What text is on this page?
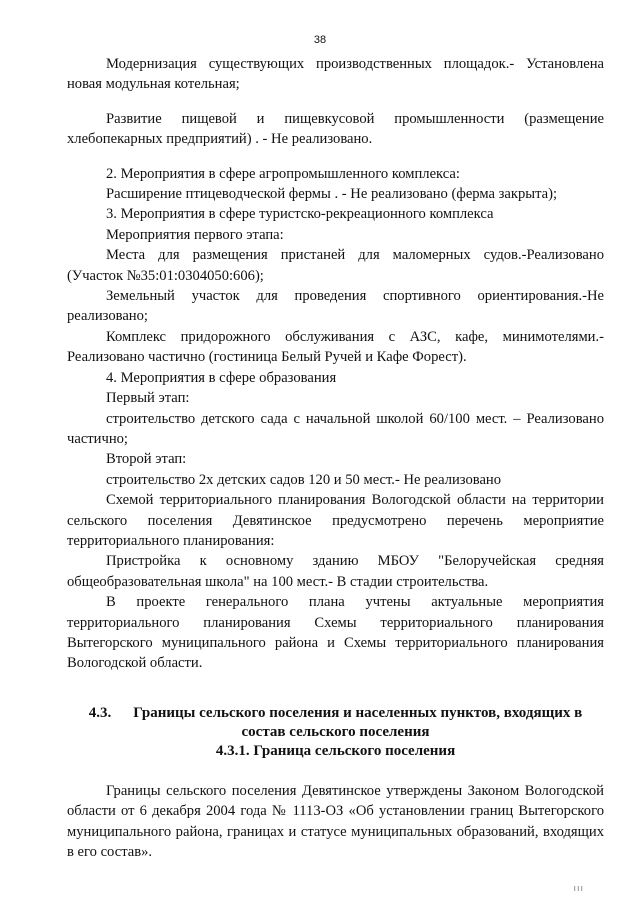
38

Модернизация существующих производственных площадок.- Установлена новая модульная котельная;

Развитие пищевой и пищевкусовой промышленности (размещение хлебопекарных предприятий) . - Не реализовано.

2. Мероприятия в сфере агропромышленного комплекса:

Расширение птицеводческой фермы . - Не реализовано (ферма закрыта);

3. Мероприятия в сфере туристско-рекреационного комплекса

Мероприятия первого этапа:

Места для размещения пристаней для маломерных судов.-Реализовано (Участок №35:01:0304050:606);

Земельный участок для проведения спортивного ориентирования.-Не реализовано;

Комплекс придорожного обслуживания с АЗС, кафе, минимотелями.- Реализовано частично (гостиница Белый Ручей и Кафе Форест).

4. Мероприятия в сфере образования

Первый этап:

строительство детского сада с начальной школой 60/100 мест. – Реализовано частично;

Второй этап:

строительство 2х детских садов 120 и 50 мест.- Не реализовано

Схемой территориального планирования Вологодской области на территории сельского поселения Девятинское предусмотрено перечень мероприятие территориального планирования:

Пристройка к основному зданию МБОУ "Белоручейская средняя общеобразовательная школа" на 100 мест.- В стадии строительства.

В проекте генерального плана учтены актуальные мероприятия территориального планирования Схемы территориального планирования Вытегорского муниципального района и Схемы территориального планирования Вологодской области.

4.3. Границы сельского поселения и населенных пунктов, входящих в состав сельского поселения

4.3.1. Граница сельского поселения

Границы сельского поселения Девятинское утверждены Законом Вологодской области от 6 декабря 2004 года № 1113-ОЗ «Об установлении границ Вытегорского муниципального района, границах и статусе муниципальных образований, входящих в его состав».

ııı
